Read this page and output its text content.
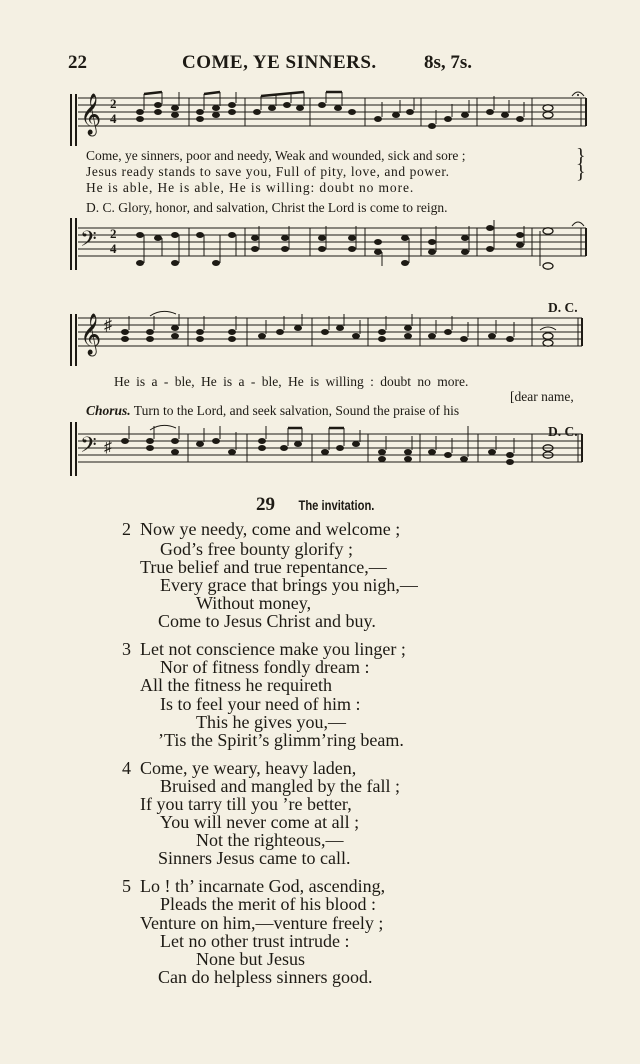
22	COME, YE SINNERS. 8s, 7s.
𝄞 2
4
Come, ye sinners, poor and needy, Weak and wounded, sick and sore ;
Jesus ready stands to save you, Full of pity, love, and power.
He is able, He is able, He is willing: doubt no more.
}
}
D. C. Glory, honor, and salvation, Christ the Lord is come to reign.
𝄢 2
4
𝄞 ♯
D. C.
He is a - ble, He is a - ble, He is willing : doubt no more.
[dear name,
Chorus. Turn to the Lord, and seek salvation, Sound the praise of his
𝄢 ♯
D. C.
29 The invitation.
2 Now ye needy, come and welcome ;
God’s free bounty glorify ;
True belief and true repentance,—
Every grace that brings you nigh,—
Without money,
Come to Jesus Christ and buy.
3 Let not conscience make you linger ;
Nor of fitness fondly dream :
All the fitness he requireth
Is to feel your need of him :
This he gives you,—
’Tis the Spirit’s glimm’ring beam.
4 Come, ye weary, heavy laden,
Bruised and mangled by the fall ;
If you tarry till you ’re better,
You will never come at all ;
Not the righteous,—
Sinners Jesus came to call.
5 Lo ! th’ incarnate God, ascending,
Pleads the merit of his blood :
Venture on him,—venture freely ;
Let no other trust intrude :
None but Jesus
Can do helpless sinners good.
